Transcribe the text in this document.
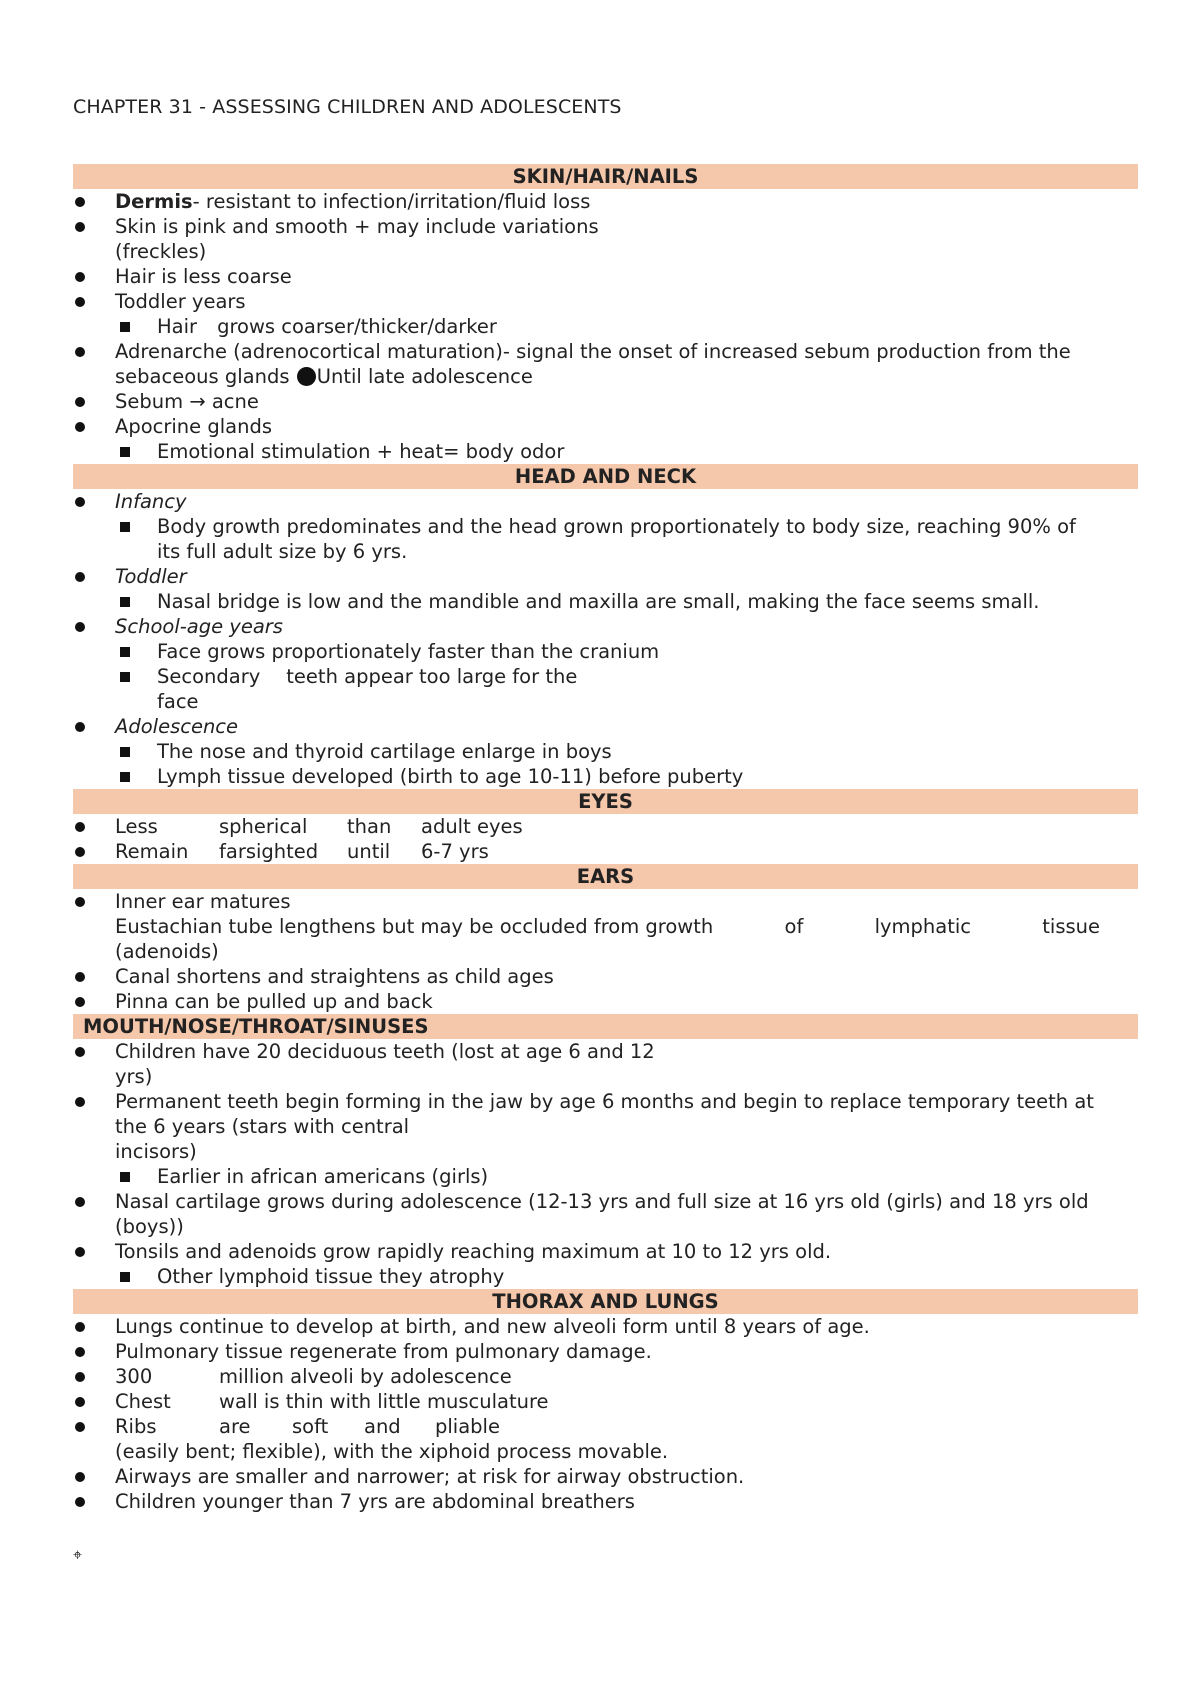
CHAPTER 31 - ASSESSING CHILDREN AND ADOLESCENTS
SKIN/HAIR/NAILS
Dermis- resistant to infection/irritation/fluid loss
Skin is pink and smooth + may include variations
(freckles)
Hair is less coarse
Toddler years
Hair grows coarser/thicker/darker
Adrenarche (adrenocortical maturation)- signal the onset of increased sebum production from the
sebaceous glands Until late adolescence
Sebum → acne
Apocrine glands
Emotional stimulation + heat= body odor
HEAD AND NECK
Infancy
Body growth predominates and the head grown proportionately to body size, reaching 90% of
its full adult size by 6 yrs.
Toddler
Nasal bridge is low and the mandible and maxilla are small, making the face seems small.
School-age years
Face grows proportionately faster than the cranium
Secondary teeth appear too large for the
face
Adolescence
The nose and thyroid cartilage enlarge in boys
Lymph tissue developed (birth to age 10-11) before puberty
EYES
Less	spherical than adult eyes
Remain farsighted until 6-7 yrs
EARS
Inner ear matures
Eustachian tube lengthens but may be occluded from growth	of	lymphatic	tissue
(adenoids)
Canal shortens and straightens as child ages
Pinna can be pulled up and back
MOUTH/NOSE/THROAT/SINUSES
Children have 20 deciduous teeth (lost at age 6 and 12
yrs)
Permanent teeth begin forming in the jaw by age 6 months and begin to replace temporary teeth at
the 6 years (stars with central
incisors)
Earlier in african americans (girls)
Nasal cartilage grows during adolescence (12-13 yrs and full size at 16 yrs old (girls) and 18 yrs old
(boys))
Tonsils and adenoids grow rapidly reaching maximum at 10 to 12 yrs old.
Other lymphoid tissue they atrophy
THORAX AND LUNGS
Lungs continue to develop at birth, and new alveoli form until 8 years of age.
Pulmonary tissue regenerate from pulmonary damage.
300	million alveoli by adolescence
Chest wall is thin with little musculature
Ribs	are soft and pliable
(easily bent; flexible), with the xiphoid process movable.
Airways are smaller and narrower; at risk for airway obstruction.
Children younger than 7 yrs are abdominal breathers
⌖
